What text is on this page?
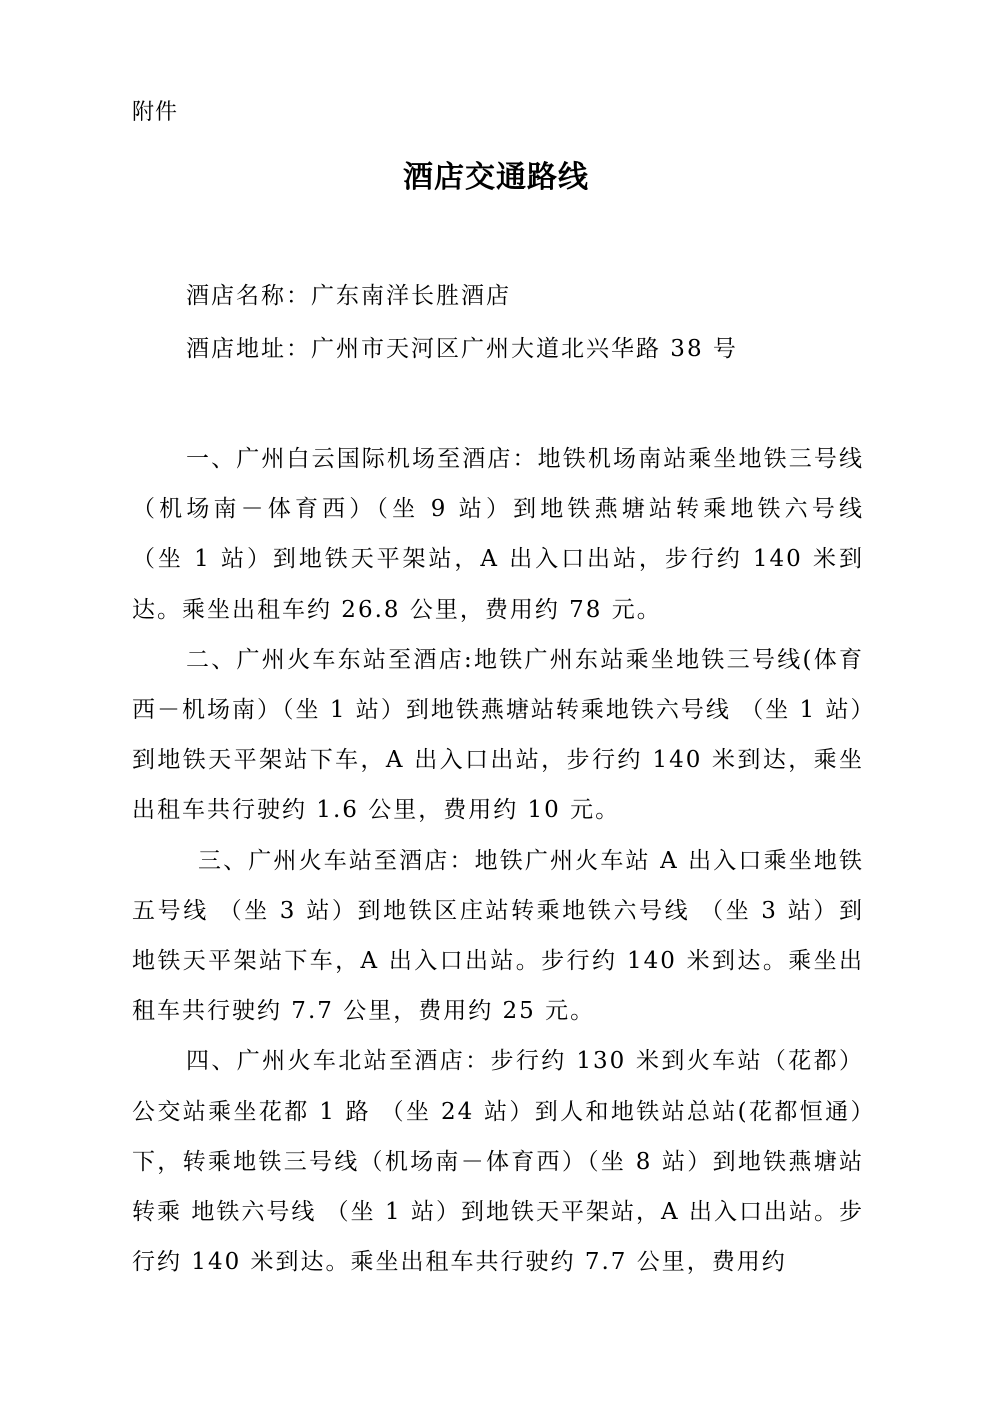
附件
酒店交通路线
酒店名称：广东南洋长胜酒店
酒店地址：广州市天河区广州大道北兴华路 38 号

一、广州白云国际机场至酒店：地铁机场南站乘坐地铁三号线（机场南－体育西）（坐 9 站）到地铁燕塘站转乘地铁六号线 （坐 1 站）到地铁天平架站，A 出入口出站，步行约 140 米到达。乘坐出租车约 26.8 公里，费用约 78 元。

二、广州火车东站至酒店:地铁广州东站乘坐地铁三号线(体育西－机场南）（坐 1 站）到地铁燕塘站转乘地铁六号线 （坐 1 站）到地铁天平架站下车，A 出入口出站，步行约 140 米到达，乘坐出租车共行驶约 1.6 公里，费用约 10 元。

三、广州火车站至酒店：地铁广州火车站 A 出入口乘坐地铁五号线 （坐 3 站）到地铁区庄站转乘地铁六号线 （坐 3 站）到地铁天平架站下车，A 出入口出站。步行约 140 米到达。乘坐出租车共行驶约 7.7 公里，费用约 25 元。

四、广州火车北站至酒店：步行约 130 米到火车站（花都）公交站乘坐花都 1 路 （坐 24 站）到人和地铁站总站(花都恒通）下，转乘地铁三号线（机场南－体育西）（坐 8 站）到地铁燕塘站转乘 地铁六号线 （坐 1 站）到地铁天平架站，A 出入口出站。步行约 140 米到达。乘坐出租车共行驶约 7.7 公里，费用约
